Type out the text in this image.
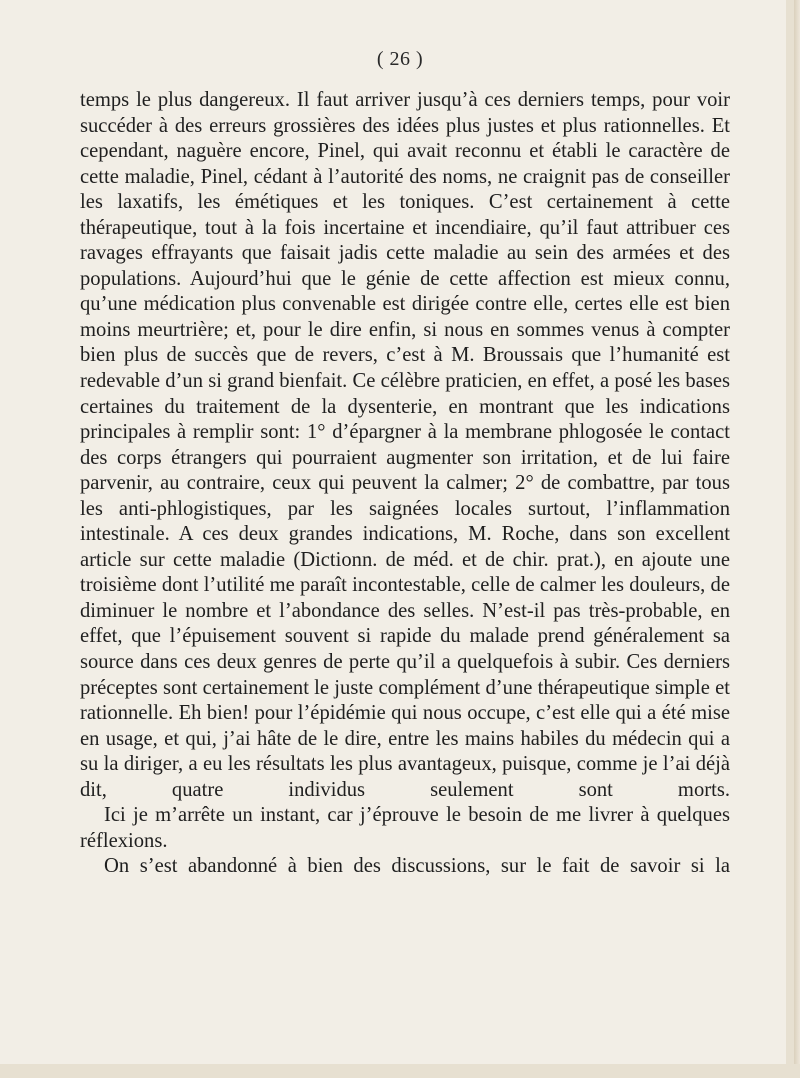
( 26 )

temps le plus dangereux. Il faut arriver jusqu’à ces derniers temps, pour voir succéder à des erreurs grossières des idées plus justes et plus rationnelles. Et cependant, naguère encore, Pinel, qui avait reconnu et établi le caractère de cette maladie, Pinel, cédant à l’autorité des noms, ne craignit pas de conseiller les laxatifs, les émétiques et les toniques. C’est certainement à cette thérapeutique, tout à la fois incertaine et incendiaire, qu’il faut attribuer ces ravages effrayants que faisait jadis cette maladie au sein des armées et des populations. Aujourd’hui que le génie de cette affection est mieux connu, qu’une médication plus convenable est dirigée contre elle, certes elle est bien moins meurtrière; et, pour le dire enfin, si nous en sommes venus à compter bien plus de succès que de revers, c’est à M. Broussais que l’humanité est redevable d’un si grand bienfait. Ce célèbre praticien, en effet, a posé les bases certaines du traitement de la dysenterie, en montrant que les indications principales à remplir sont: 1° d’épargner à la membrane phlogosée le contact des corps étrangers qui pourraient augmenter son irritation, et de lui faire parvenir, au contraire, ceux qui peuvent la calmer; 2° de combattre, par tous les anti-phlogistiques, par les saignées locales surtout, l’inflammation intestinale. A ces deux grandes indications, M. Roche, dans son excellent article sur cette maladie (Dictionn. de méd. et de chir. prat.), en ajoute une troisième dont l’utilité me paraît incontestable, celle de calmer les douleurs, de diminuer le nombre et l’abondance des selles. N’est-il pas très-probable, en effet, que l’épuisement souvent si rapide du malade prend généralement sa source dans ces deux genres de perte qu’il a quelquefois à subir. Ces derniers préceptes sont certainement le juste complément d’une thérapeutique simple et rationnelle. Eh bien! pour l’épidémie qui nous occupe, c’est elle qui a été mise en usage, et qui, j’ai hâte de le dire, entre les mains habiles du médecin qui a su la diriger, a eu les résultats les plus avantageux, puisque, comme je l’ai déjà dit, quatre individus seulement sont morts.

Ici je m’arrête un instant, car j’éprouve le besoin de me livrer à quelques réflexions.

On s’est abandonné à bien des discussions, sur le fait de savoir si la
